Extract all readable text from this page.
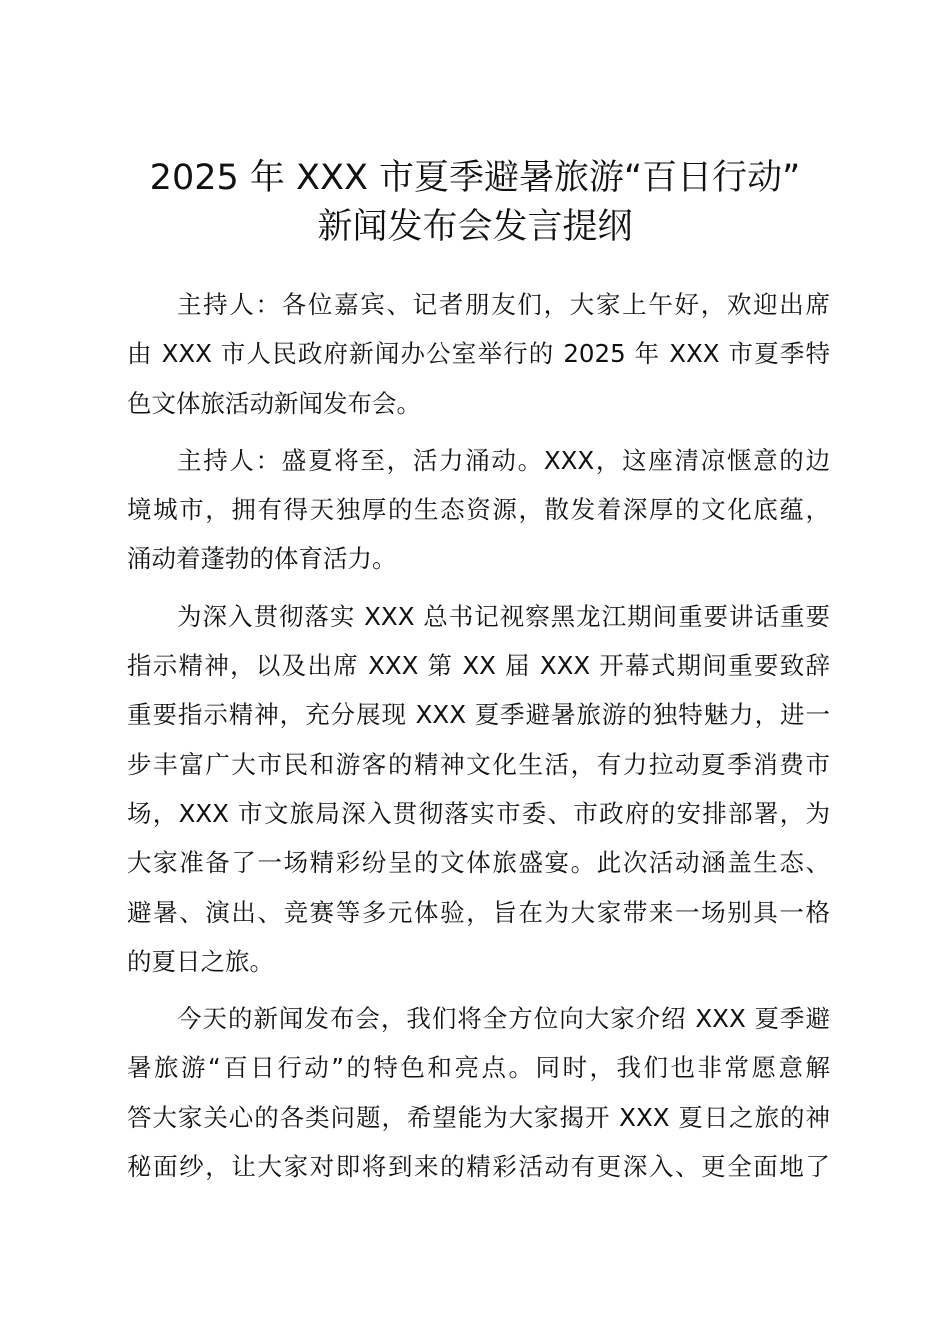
2025 年 XXX 市夏季避暑旅游“百日行动”
新闻发布会发言提纲
主持人：各位嘉宾、记者朋友们，大家上午好，欢迎出席
由 XXX 市人民政府新闻办公室举行的 2025 年 XXX 市夏季特
色文体旅活动新闻发布会。
主持人：盛夏将至，活力涌动。XXX，这座清凉惬意的边
境城市，拥有得天独厚的生态资源，散发着深厚的文化底蕴，
涌动着蓬勃的体育活力。
为深入贯彻落实 XXX 总书记视察黑龙江期间重要讲话重要
指示精神，以及出席 XXX 第 XX 届 XXX 开幕式期间重要致辞
重要指示精神，充分展现 XXX 夏季避暑旅游的独特魅力，进一
步丰富广大市民和游客的精神文化生活，有力拉动夏季消费市
场，XXX 市文旅局深入贯彻落实市委、市政府的安排部署，为
大家准备了一场精彩纷呈的文体旅盛宴。此次活动涵盖生态、
避暑、演出、竞赛等多元体验，旨在为大家带来一场别具一格
的夏日之旅。
今天的新闻发布会，我们将全方位向大家介绍 XXX 夏季避
暑旅游“百日行动”的特色和亮点。同时，我们也非常愿意解
答大家关心的各类问题，希望能为大家揭开 XXX 夏日之旅的神
秘面纱，让大家对即将到来的精彩活动有更深入、更全面地了
